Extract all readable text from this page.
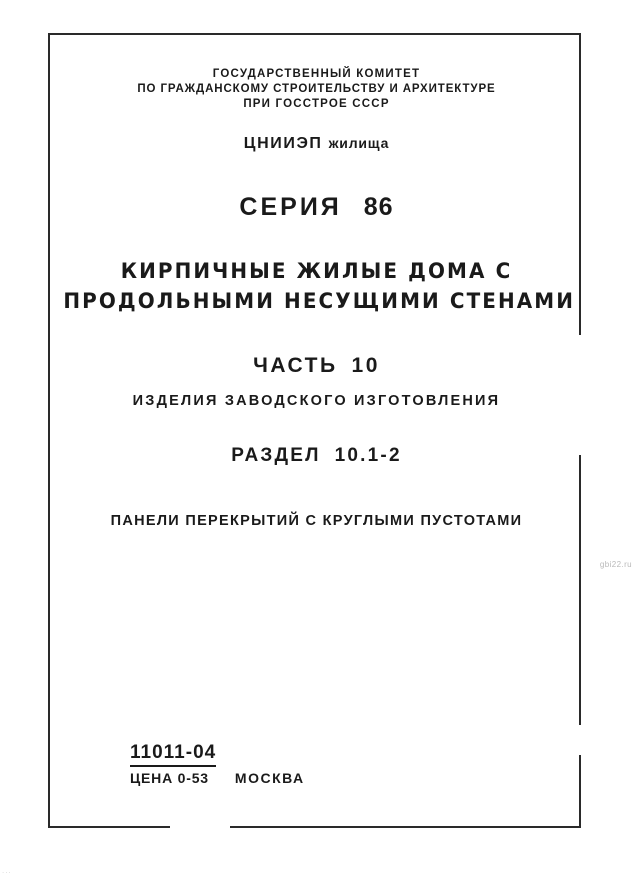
ГОСУДАРСТВЕННЫЙ КОМИТЕТ
ПО ГРАЖДАНСКОМУ СТРОИТЕЛЬСТВУ И АРХИТЕКТУРЕ
ПРИ ГОССТРОЕ СССР
ЦНИИЭП жилища
СЕРИЯ 86
КИРПИЧНЫЕ ЖИЛЫЕ ДОМА С
ПРОДОЛЬНЫМИ НЕСУЩИМИ СТЕНАМИ
ЧАСТЬ 10
ИЗДЕЛИЯ ЗАВОДСКОГО ИЗГОТОВЛЕНИЯ
РАЗДЕЛ 10.1-2
ПАНЕЛИ ПЕРЕКРЫТИЙ С КРУГЛЫМИ ПУСТОТАМИ
11011-04
ЦЕНА 0-53 МОСКВА
gbi22.ru
...
